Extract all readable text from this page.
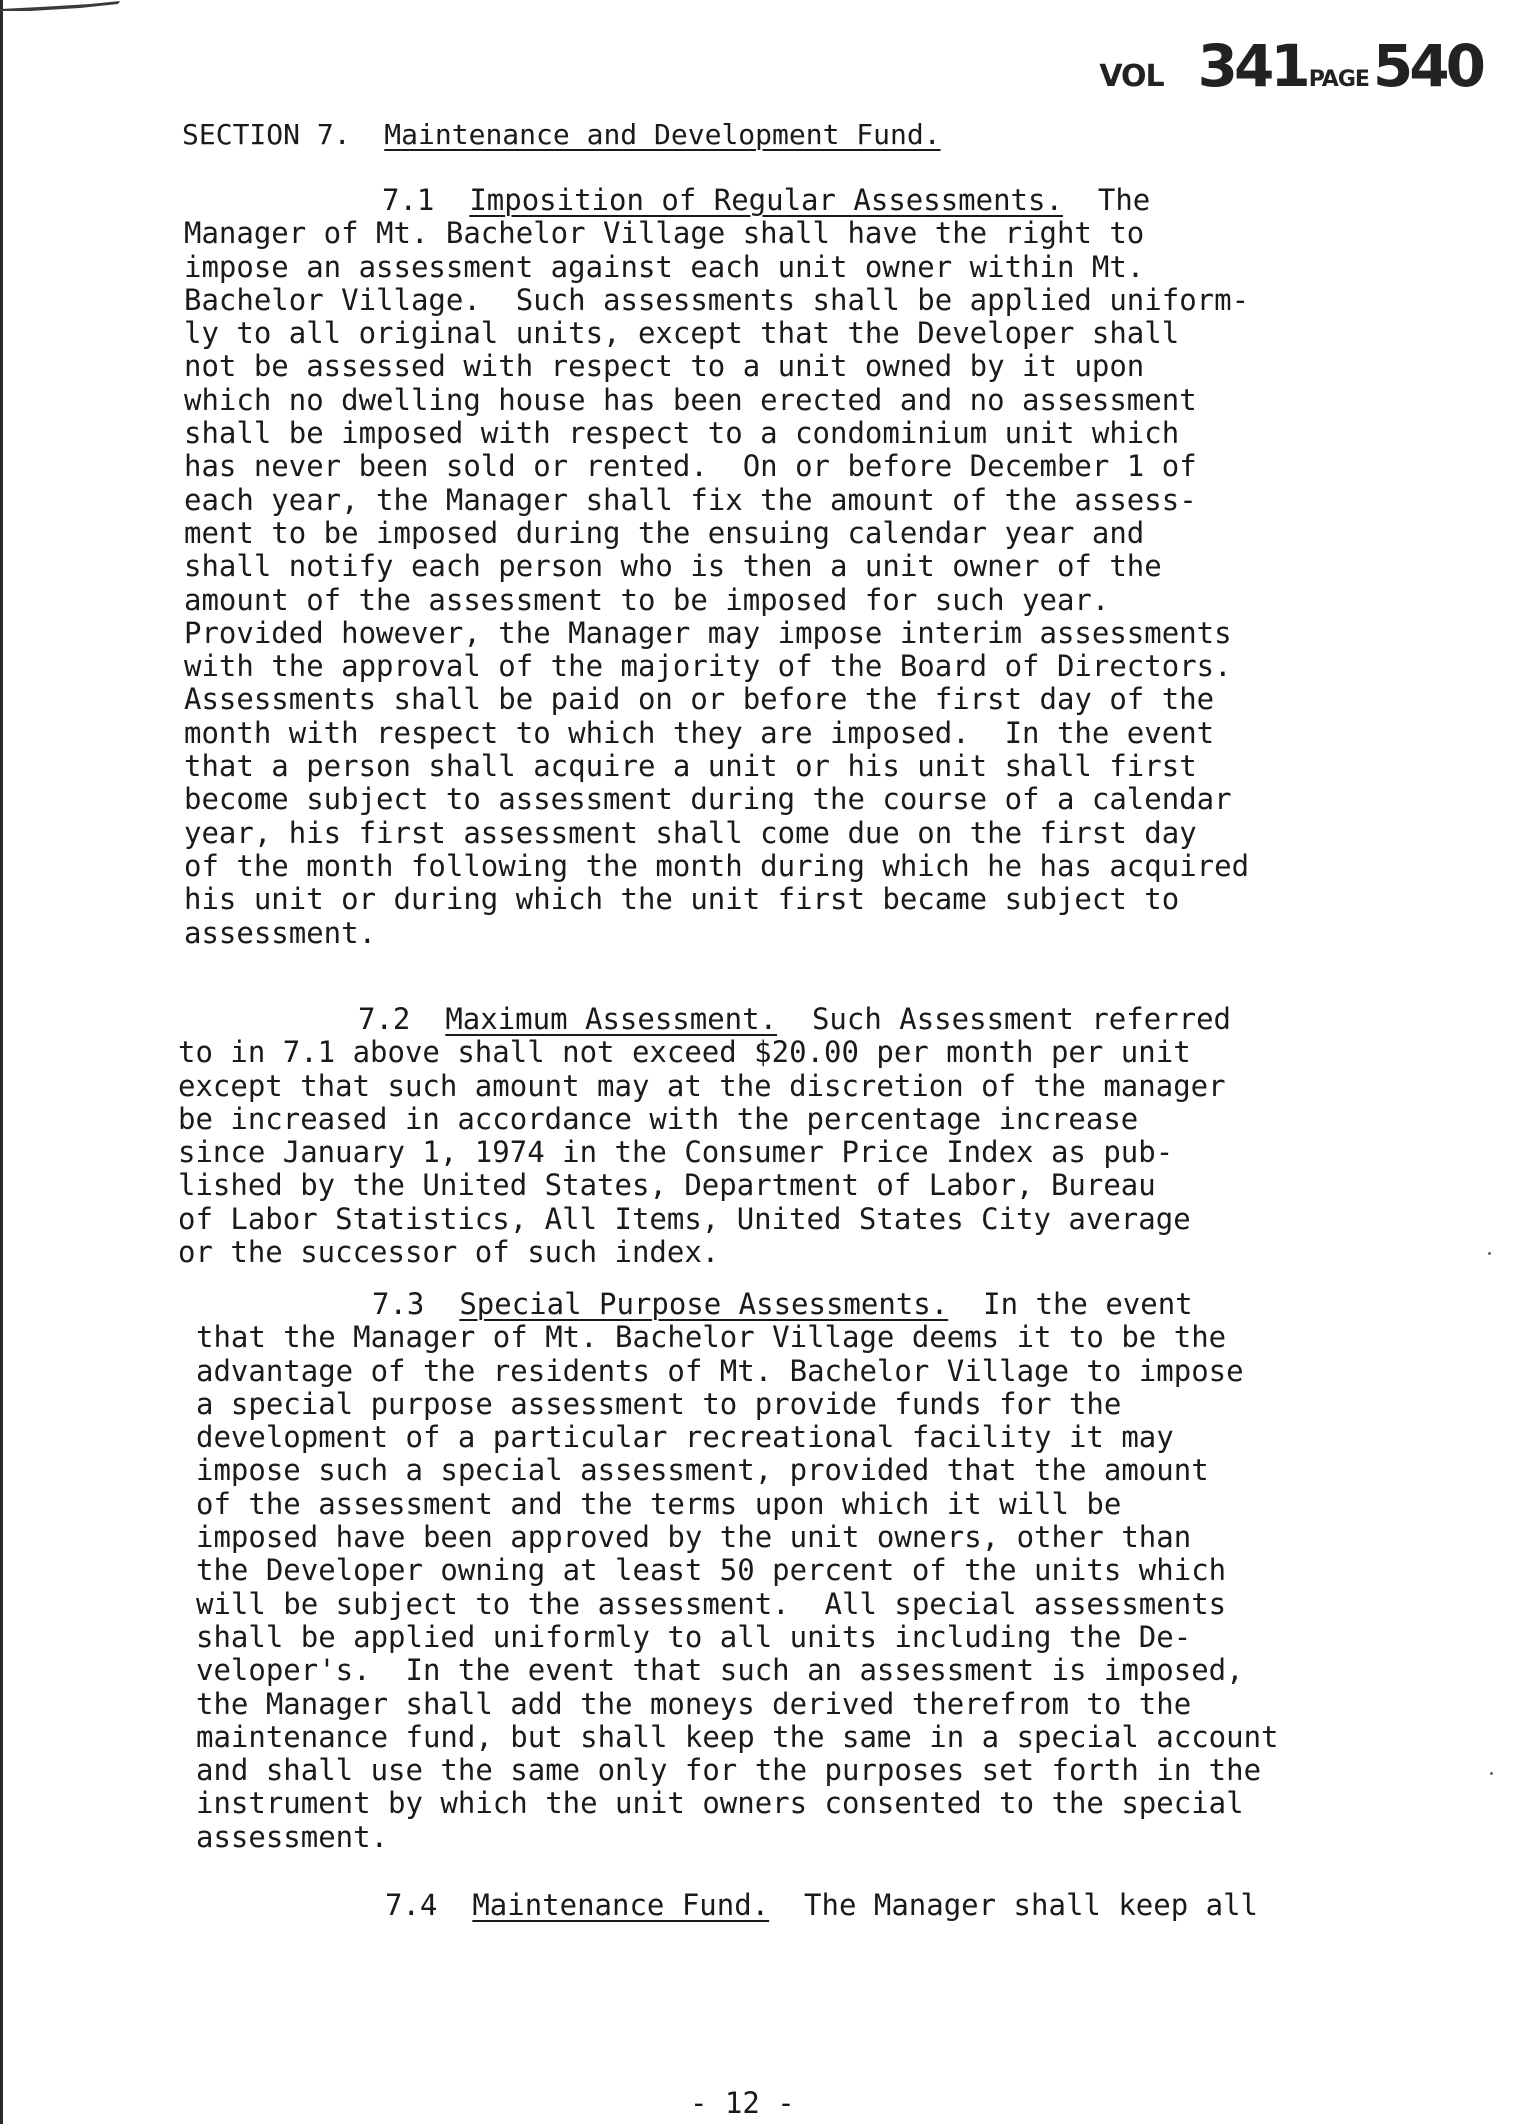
VOL 341PAGE540
SECTION 7. Maintenance and Development Fund.
7.1 Imposition of Regular Assessments. The
Manager of Mt. Bachelor Village shall have the right to
impose an assessment against each unit owner within Mt.
Bachelor Village.  Such assessments shall be applied uniform-
ly to all original units, except that the Developer shall
not be assessed with respect to a unit owned by it upon
which no dwelling house has been erected and no assessment
shall be imposed with respect to a condominium unit which
has never been sold or rented.  On or before December 1 of
each year, the Manager shall fix the amount of the assess-
ment to be imposed during the ensuing calendar year and
shall notify each person who is then a unit owner of the
amount of the assessment to be imposed for such year.
Provided however, the Manager may impose interim assessments
with the approval of the majority of the Board of Directors.
Assessments shall be paid on or before the first day of the
month with respect to which they are imposed.  In the event
that a person shall acquire a unit or his unit shall first
become subject to assessment during the course of a calendar
year, his first assessment shall come due on the first day
of the month following the month during which he has acquired
his unit or during which the unit first became subject to
assessment.
7.2 Maximum Assessment. Such Assessment referred
to in 7.1 above shall not exceed $20.00 per month per unit
except that such amount may at the discretion of the manager
be increased in accordance with the percentage increase
since January 1, 1974 in the Consumer Price Index as pub-
lished by the United States, Department of Labor, Bureau
of Labor Statistics, All Items, United States City average
or the successor of such index.
7.3 Special Purpose Assessments. In the event
that the Manager of Mt. Bachelor Village deems it to be the
advantage of the residents of Mt. Bachelor Village to impose
a special purpose assessment to provide funds for the
development of a particular recreational facility it may
impose such a special assessment, provided that the amount
of the assessment and the terms upon which it will be
imposed have been approved by the unit owners, other than
the Developer owning at least 50 percent of the units which
will be subject to the assessment.  All special assessments
shall be applied uniformly to all units including the De-
veloper's.  In the event that such an assessment is imposed,
the Manager shall add the moneys derived therefrom to the
maintenance fund, but shall keep the same in a special account
and shall use the same only for the purposes set forth in the
instrument by which the unit owners consented to the special
assessment.
7.4 Maintenance Fund. The Manager shall keep all
- 12 -
